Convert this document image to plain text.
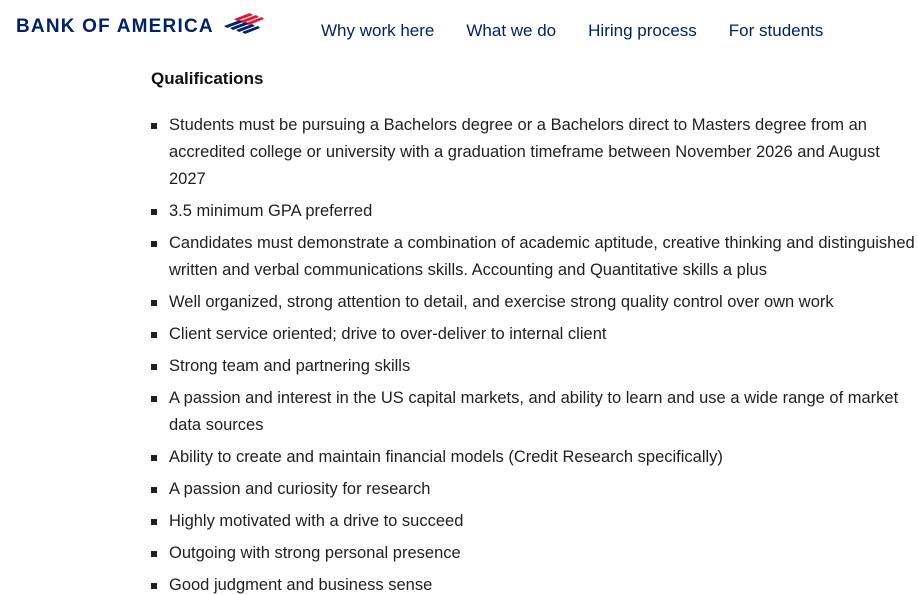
BANK OF AMERICA	Why work here What we do Hiring process For students
Qualifications
Students must be pursuing a Bachelors degree or a Bachelors direct to Masters degree from an accredited college or university with a graduation timeframe between November 2026 and August 2027
3.5 minimum GPA preferred
Candidates must demonstrate a combination of academic aptitude, creative thinking and distinguished written and verbal communications skills. Accounting and Quantitative skills a plus
Well organized, strong attention to detail, and exercise strong quality control over own work
Client service oriented; drive to over-deliver to internal client
Strong team and partnering skills
A passion and interest in the US capital markets, and ability to learn and use a wide range of market data sources
Ability to create and maintain financial models (Credit Research specifically)
A passion and curiosity for research
Highly motivated with a drive to succeed
Outgoing with strong personal presence
Good judgment and business sense
